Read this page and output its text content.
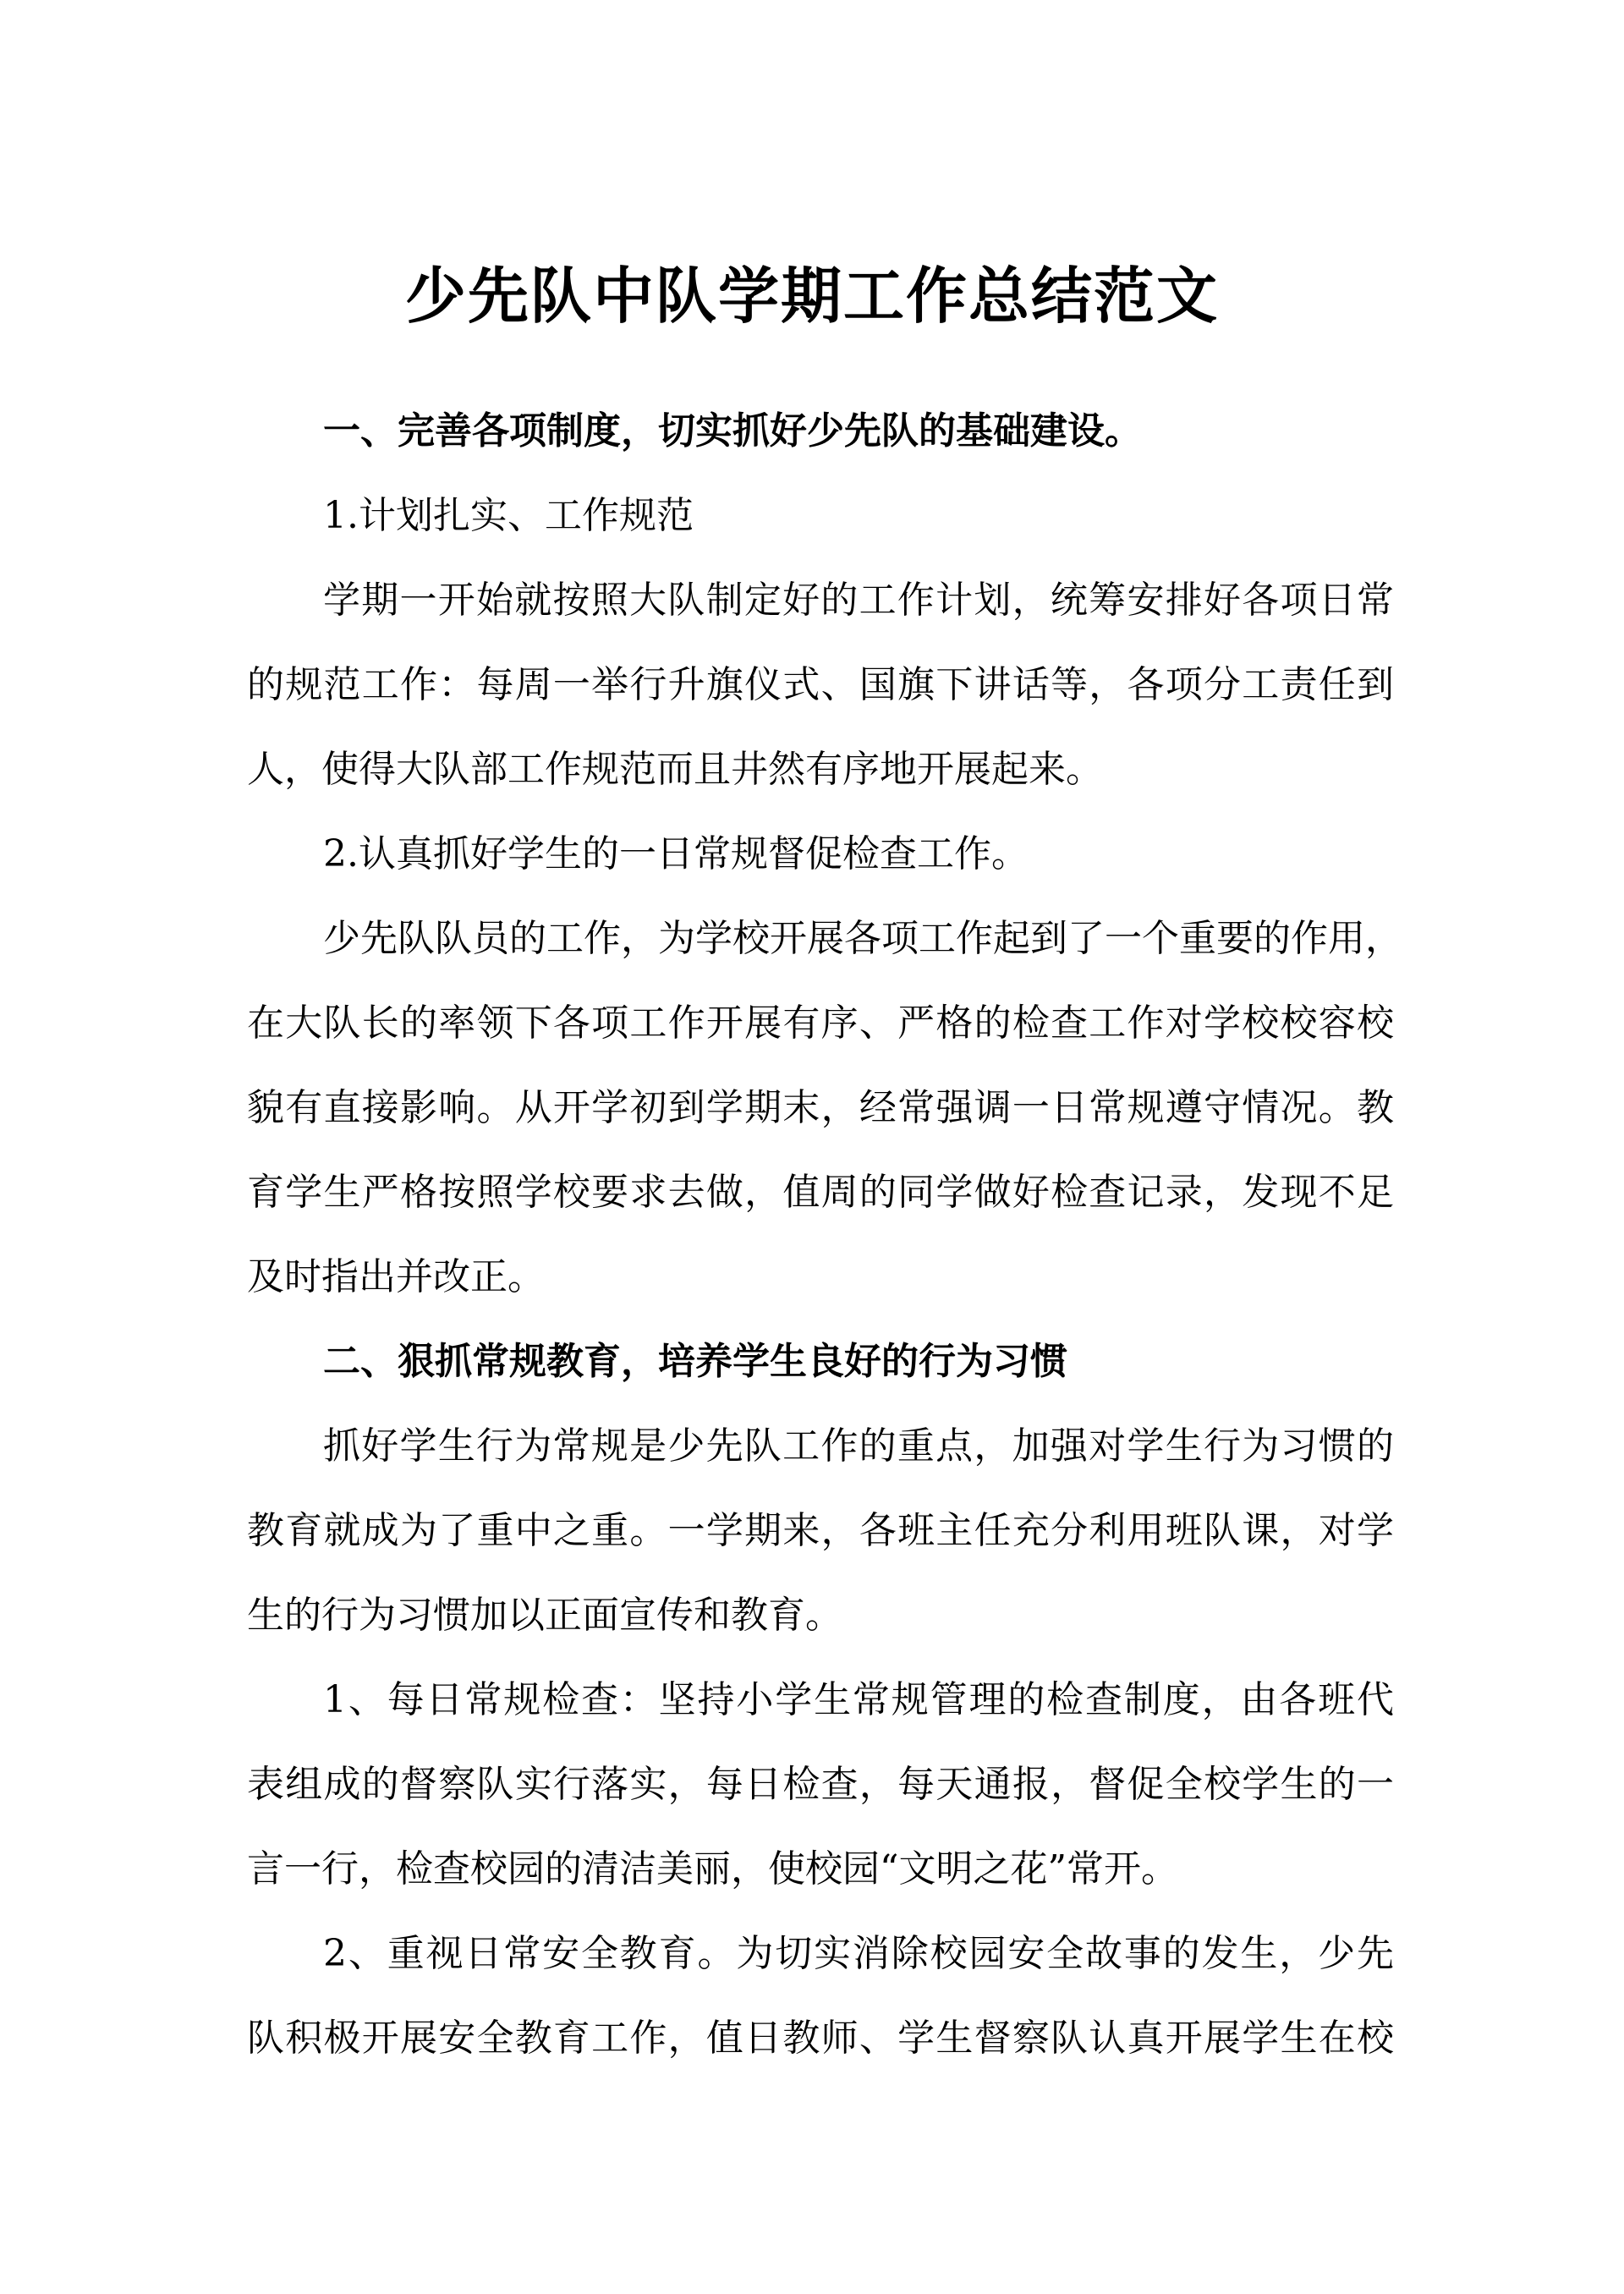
少先队中队学期工作总结范文
一、完善各项制度，切实抓好少先队的基础建设。
1.计划扎实、工作规范
学期一开始就按照大队制定好的工作计划，统筹安排好各项日常
的规范工作：每周一举行升旗仪式、国旗下讲话等，各项分工责任到
人，使得大队部工作规范而且井然有序地开展起来。
2.认真抓好学生的一日常规督促检查工作。
少先队队员的工作，为学校开展各项工作起到了一个重要的作用，
在大队长的率领下各项工作开展有序、严格的检查工作对学校校容校
貌有直接影响。从开学初到学期末，经常强调一日常规遵守情况。教
育学生严格按照学校要求去做，值周的同学做好检查记录，发现不足
及时指出并改正。
二、狠抓常规教育，培养学生良好的行为习惯
抓好学生行为常规是少先队工作的重点，加强对学生行为习惯的
教育就成为了重中之重。一学期来，各班主任充分利用班队课，对学
生的行为习惯加以正面宣传和教育。
1、每日常规检查：坚持小学生常规管理的检查制度，由各班代
表组成的督察队实行落实，每日检查，每天通报，督促全校学生的一
言一行，检查校园的清洁美丽，使校园“文明之花”常开。
2、重视日常安全教育。为切实消除校园安全故事的发生，少先
队积极开展安全教育工作，值日教师、学生督察队认真开展学生在校
